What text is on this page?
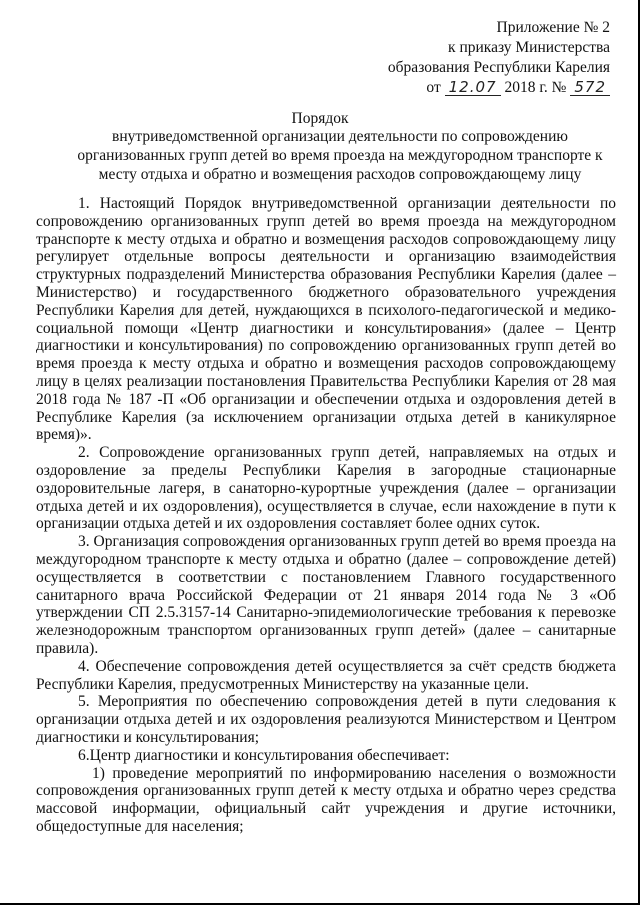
Приложение № 2
к приказу Министерства
образования Республики Карелия
от 12.07 2018 г. № 572
Порядок
внутриведомственной организации деятельности по сопровождению организованных групп детей во время проезда на междугородном транспорте к месту отдыха и обратно и возмещения расходов сопровождающему лицу

1. Настоящий Порядок внутриведомственной организации деятельности по сопровождению организованных групп детей во время проезда на междугородном транспорте к месту отдыха и обратно и возмещения расходов сопровождающему лицу регулирует отдельные вопросы деятельности и организацию взаимодействия структурных подразделений Министерства образования Республики Карелия (далее – Министерство) и государственного бюджетного образовательного учреждения Республики Карелия для детей, нуждающихся в психолого-педагогической и медико-социальной помощи «Центр диагностики и консультирования» (далее – Центр диагностики и консультирования) по сопровождению организованных групп детей во время проезда к месту отдыха и обратно и возмещения расходов сопровождающему лицу в целях реализации постановления Правительства Республики Карелия от 28 мая 2018 года № 187 -П «Об организации и обеспечении отдыха и оздоровления детей в Республике Карелия (за исключением организации отдыха детей в каникулярное время)».

2. Сопровождение организованных групп детей, направляемых на отдых и оздоровление за пределы Республики Карелия в загородные стационарные оздоровительные лагеря, в санаторно-курортные учреждения (далее – организации отдыха детей и их оздоровления), осуществляется в случае, если нахождение в пути к организации отдыха детей и их оздоровления составляет более одних суток.

3. Организация сопровождения организованных групп детей во время проезда на междугородном транспорте к месту отдыха и обратно (далее – сопровождение детей) осуществляется в соответствии с постановлением Главного государственного санитарного врача Российской Федерации от 21 января 2014 года № 3 «Об утверждении СП 2.5.3157-14 Санитарно-эпидемиологические требования к перевозке железнодорожным транспортом организованных групп детей» (далее – санитарные правила).

4. Обеспечение сопровождения детей осуществляется за счёт средств бюджета Республики Карелия, предусмотренных Министерству на указанные цели.

5. Мероприятия по обеспечению сопровождения детей в пути следования к организации отдыха детей и их оздоровления реализуются Министерством и Центром диагностики и консультирования;

6.Центр диагностики и консультирования обеспечивает:

1) проведение мероприятий по информированию населения о возможности сопровождения организованных групп детей к месту отдыха и обратно через средства массовой информации, официальный сайт учреждения и другие источники, общедоступные для населения;
